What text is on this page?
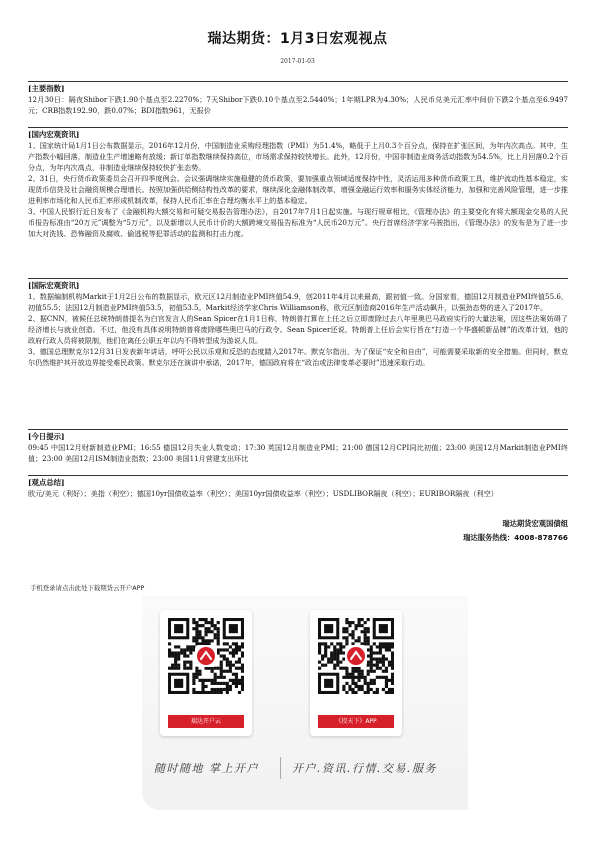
瑞达期货：1月3日宏观视点
2017-01-03
[主要指数]

12月30日：隔夜Shibor下跌1.90个基点至2.2270%；7天Shibor下跌0.10个基点至2.5440%；1年期LPR为4.30%；人民币兑美元汇率中间价下跌2个基点至6.9497元；CRB指数192.90，跌0.07%；BDI指数961，无报价

[国内宏观资讯]

1、国家统计局1月1日公布数据显示，2016年12月份，中国制造业采购经理指数（PMI）为51.4%，略低于上月0.3个百分点，保持在扩张区间，为年内次高点。其中，生产指数小幅回落，制造业生产增速略有放缓；新订单指数继续保持高位，市场需求保持较快增长。此外，12月份，中国非制造业商务活动指数为54.5%，比上月回落0.2个百分点，为年内次高点，非制造业继续保持较快扩张态势。

2、31日，央行货币政策委员会召开四季度例会。会议强调继续实施稳健的货币政策，要加强重点领域适度保持中性，灵活运用多种货币政策工具，维护流动性基本稳定，实现货币信贷及社会融资规模合理增长。按照加强供给侧结构性改革的要求，继续深化金融体制改革，增强金融运行效率和服务实体经济能力，加强和完善风险管理，进一步推进利率市场化和人民币汇率形成机制改革，保持人民币汇率在合理均衡水平上的基本稳定。

3、中国人民银行近日发布了《金融机构大额交易和可疑交易报告管理办法》，自2017年7月1日起实施。与现行规章相比，《管理办法》的主要变化有将大额现金交易的人民币报告标准由“20万元”调整为“5万元”，以及新增以人民币计价的大额跨境交易报告标准为“人民币20万元”。央行首席经济学家马骏指出，《管理办法》的发布是为了进一步加大对洗钱、恐怖融资及腐败、偷逃税等犯罪活动的监测和打击力度。

[国际宏观资讯]

1、数据编制机构Markit于1月2日公布的数据显示，欧元区12月制造业PMI终值54.9，创2011年4月以来最高，跟初值一致。分国家看，德国12月制造业PMI终值55.6，初值55.5；法国12月制造业PMI终值53.5，初值53.5。Markit经济学家Chris Williamson称，欧元区制造商2016年生产活动飙升，以强劲态势的进入了2017年。

2、据CNN，被候任总统特朗普提名为白宫发言人的Sean Spicer在1月1日称，特朗普打算在上任之后立即废除过去八年里奥巴马政府实行的大量法案，因这些法案妨碍了经济增长与就业创造。不过，他没有具体说明特朗普将废除哪些奥巴马的行政令。Sean Spicer还说，特朗普上任后会实行旨在“打造一个华盛顿新品牌”的改革计划，他的政府行政人员将被限制，他们在离任公职五年以内不得转型成为游说人员。

3、德国总理默克尔12月31日发表新年讲话，呼吁公民以乐观和反恐的态度踏入2017年。默克尔指出，为了保证“安全和自由”，可能需要采取新的安全措施。但同时，默克尔仍然维护其开放边界接受难民政策。默克尔还在演讲中承诺，2017年，德国政府将在“政治或法律变革必要时”迅速采取行动。

[今日提示]

09:45 中国12月财新制造业PMI；16:55 德国12月失业人数变动；17:30 英国12月制造业PMI；21:00 德国12月CPI同比初值；23:00 美国12月Markit制造业PMI终值；23:00 美国12月ISM制造业指数；23:00 美国11月营建支出环比

[观点总结]

欧元/美元（利好）；美指（利空）；德国10yr国债收益率（利空）；美国10yr国债收益率（利空）；USDLIBOR隔夜（利空）；EURIBOR隔夜（利空）

瑞达期货宏观国债组
瑞达服务热线：4008-878766
手机登录请点击此处下载期货云开户APP
瑞达开户云	《投天下》APP
随时随地 掌上开户	开户.资讯.行情.交易.服务
